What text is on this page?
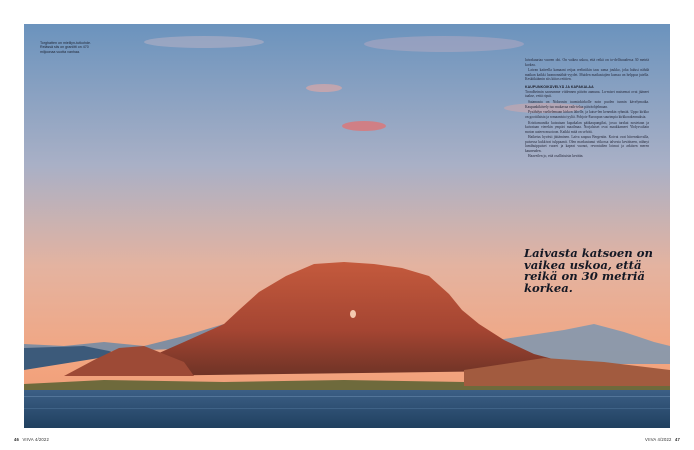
Torghatten on mielilyn-tutkohde. Reiässä siis on graniitti on 470 miljoonaa vuotta vanhaa.

laivakuurtaa vuoren ohi. On vaikea uskoa, että reikä on to-dellisuudessa 30 metriä korkea.

Laivan kaiteella kamaani reijaa reeliniikin taas sama joukko, joka halusi nähdä matkan kaikki luonnonnähtä-vyydet. Muiden matkustajien kanssa on helppoa jutella. Keskitkäämin siis kiitos reittien.

KAUPUNKOIKÄVELYÄ JA KAPAKALAA

Trondheimin saavumme viidennen päivän aamuna. Lu-miset maisemat ovat jääneet taakse, vettä ripsii.

Satamasta on Nidarosin tuomiokirkolle noin puolen tunnin kävelymatka. Kaupunkikävely tuo mukavaa vaih-telua päiväohjelmaan.

Pysähdyn vaeltelemaan kirkon lähelle, ja katse-len kenenkin ryhmää. Uppo kirkko on goottilaista ja romaanista tyyliä. Pohjois-Euroopan suurimpia kirkkorakennuksia.

Kristiansundia kutsutaan kapakalan pääkaupungiksi, jossa turskat nostetaan ja kuivataan vierekin ympäri maailmaa. Norjalaiset ovat maukkameet Yhdysvaltain moton uuteen muotoon. Kaikki mitä on selvää.

Haiketus hyvästi jättäminen. Laiva saapuu Bergeniin. Kotvat ovat hitrennkovalla, puisessa kukkivat tulppaanit. Olen markustanut viikossa talvesta kevääseen, nähnyt lumihuippuiset vuoret ja kapeat vuonot, revontulten loimut ja arktisen meren kauneuden.

Haaveilen jo, että osallistuisin kevään.

Laivasta katsoen on vaikea uskoa, että reikä on 30 metriä korkea.
46 VIIVA 4/2022	VIIVA 4/2022 47
